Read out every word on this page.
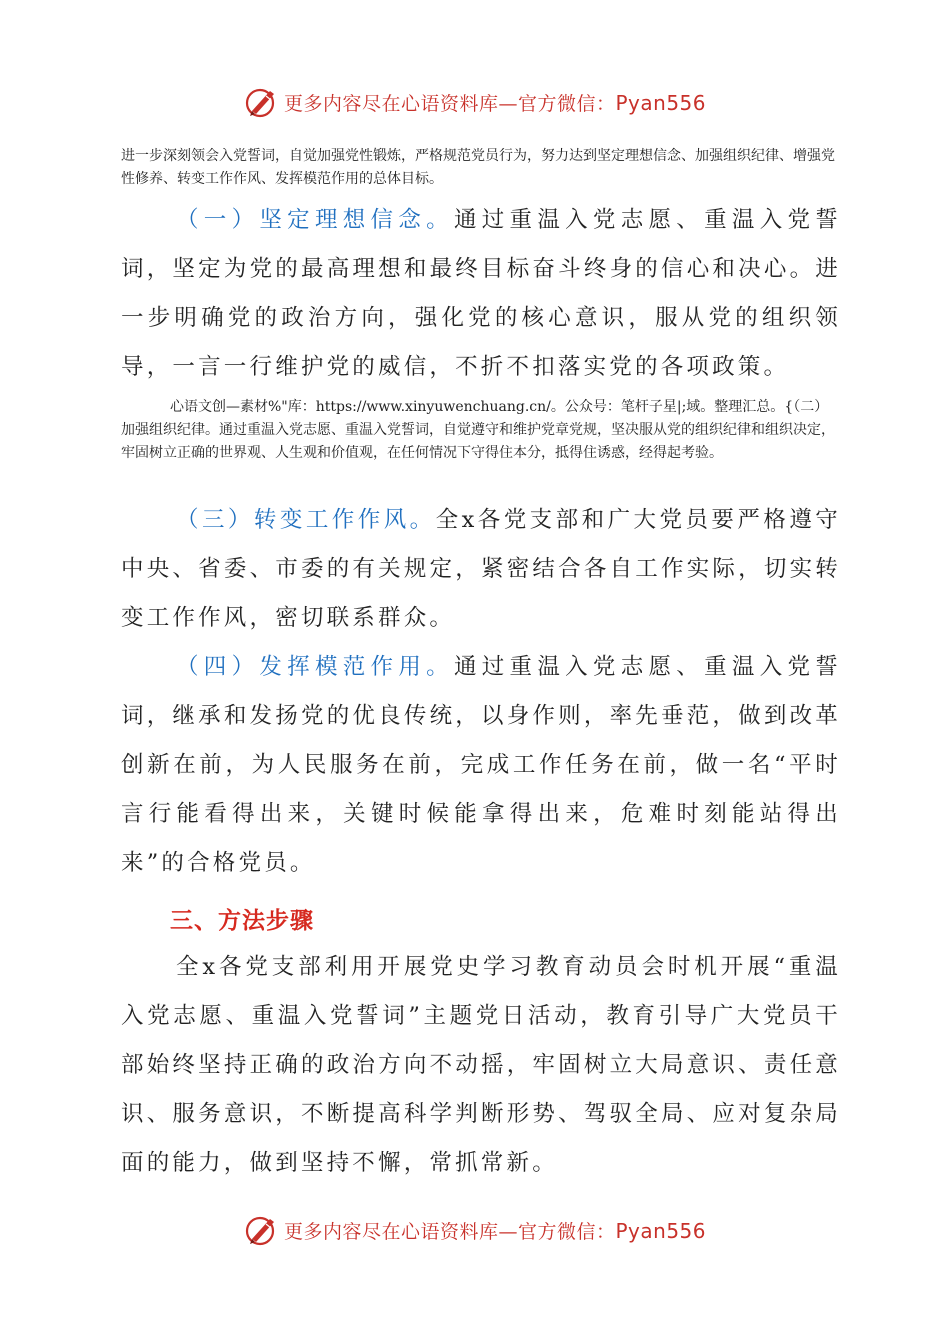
更多内容尽在心语资料库—官方微信：Pyan556
进一步深刻领会入党誓词，自觉加强党性锻炼，严格规范党员行为，努力达到坚定理想信念、加强组织纪律、增强党性修养、转变工作作风、发挥模范作用的总体目标。
（一）坚定理想信念。通过重温入党志愿、重温入党誓词，坚定为党的最高理想和最终目标奋斗终身的信心和决心。进一步明确党的政治方向，强化党的核心意识，服从党的组织领导，一言一行维护党的威信，不折不扣落实党的各项政策。
心语文创—素材%"库：https://www.xinyuwenchuang.cn/。公众号：笔杆子星|;域。整理汇总。{（二）加强组织纪律。通过重温入党志愿、重温入党誓词，自觉遵守和维护党章党规，坚决服从党的组织纪律和组织决定，牢固树立正确的世界观、人生观和价值观，在任何情况下守得住本分，抵得住诱惑，经得起考验。
（三）转变工作作风。全x各党支部和广大党员要严格遵守中央、省委、市委的有关规定，紧密结合各自工作实际，切实转变工作作风，密切联系群众。
（四）发挥模范作用。通过重温入党志愿、重温入党誓词，继承和发扬党的优良传统，以身作则，率先垂范，做到改革创新在前，为人民服务在前，完成工作任务在前，做一名“平时言行能看得出来，关键时候能拿得出来，危难时刻能站得出来”的合格党员。
三、方法步骤
全x各党支部利用开展党史学习教育动员会时机开展“重温入党志愿、重温入党誓词”主题党日活动，教育引导广大党员干部始终坚持正确的政治方向不动摇，牢固树立大局意识、责任意识、服务意识，不断提高科学判断形势、驾驭全局、应对复杂局面的能力，做到坚持不懈，常抓常新。
更多内容尽在心语资料库—官方微信：Pyan556
